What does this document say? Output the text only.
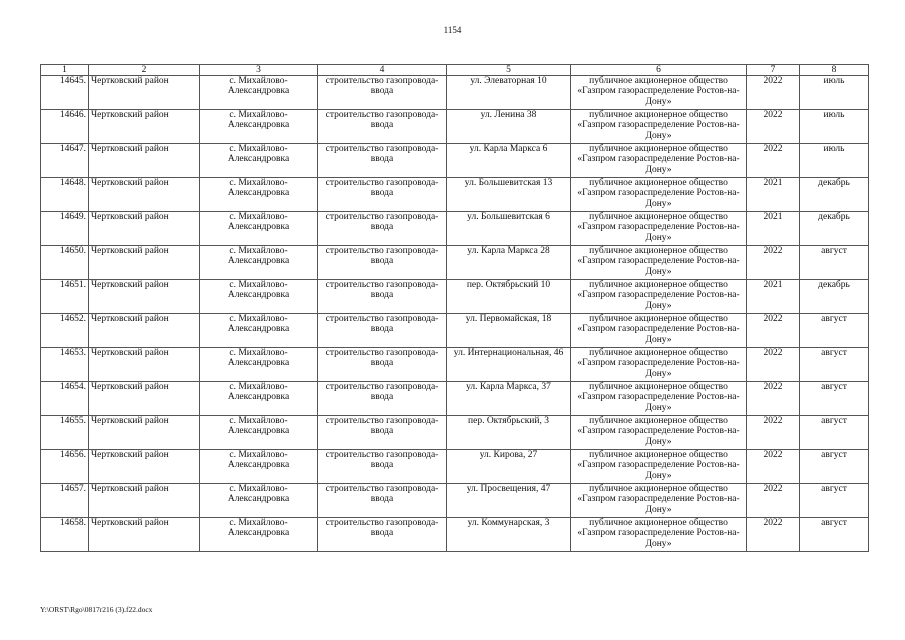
1154
1	2	3	4	5	6	7	8
14645.	Чертковский район	с. Михайлово-Александровка	строительство газопровода-ввода	ул. Элеваторная 10	публичное акционерное общество «Газпром газораспределение Ростов-на-Дону»	2022	июль
14646.	Чертковский район	с. Михайлово-Александровка	строительство газопровода-ввода	ул. Ленина 38	публичное акционерное общество «Газпром газораспределение Ростов-на-Дону»	2022	июль
14647.	Чертковский район	с. Михайлово-Александровка	строительство газопровода-ввода	ул. Карла Маркса 6	публичное акционерное общество «Газпром газораспределение Ростов-на-Дону»	2022	июль
14648.	Чертковский район	с. Михайлово-Александровка	строительство газопровода-ввода	ул. Большевитская 13	публичное акционерное общество «Газпром газораспределение Ростов-на-Дону»	2021	декабрь
14649.	Чертковский район	с. Михайлово-Александровка	строительство газопровода-ввода	ул. Большевитская 6	публичное акционерное общество «Газпром газораспределение Ростов-на-Дону»	2021	декабрь
14650.	Чертковский район	с. Михайлово-Александровка	строительство газопровода-ввода	ул. Карла Маркса 28	публичное акционерное общество «Газпром газораспределение Ростов-на-Дону»	2022	август
14651.	Чертковский район	с. Михайлово-Александровка	строительство газопровода-ввода	пер. Октябрьский 10	публичное акционерное общество «Газпром газораспределение Ростов-на-Дону»	2021	декабрь
14652.	Чертковский район	с. Михайлово-Александровка	строительство газопровода-ввода	ул. Первомайская, 18	публичное акционерное общество «Газпром газораспределение Ростов-на-Дону»	2022	август
14653.	Чертковский район	с. Михайлово-Александровка	строительство газопровода-ввода	ул. Интернациональная, 46	публичное акционерное общество «Газпром газораспределение Ростов-на-Дону»	2022	август
14654.	Чертковский район	с. Михайлово-Александровка	строительство газопровода-ввода	ул. Карла Маркса, 37	публичное акционерное общество «Газпром газораспределение Ростов-на-Дону»	2022	август
14655.	Чертковский район	с. Михайлово-Александровка	строительство газопровода-ввода	пер. Октябрьский, 3	публичное акционерное общество «Газпром газораспределение Ростов-на-Дону»	2022	август
14656.	Чертковский район	с. Михайлово-Александровка	строительство газопровода-ввода	ул. Кирова, 27	публичное акционерное общество «Газпром газораспределение Ростов-на-Дону»	2022	август
14657.	Чертковский район	с. Михайлово-Александровка	строительство газопровода-ввода	ул. Просвещения, 47	публичное акционерное общество «Газпром газораспределение Ростов-на-Дону»	2022	август
14658.	Чертковский район	с. Михайлово-Александровка	строительство газопровода-ввода	ул. Коммунарская, 3	публичное акционерное общество «Газпром газораспределение Ростов-на-Дону»	2022	август
Y:\ORST\Rgo\0817r216 (3).f22.docx
